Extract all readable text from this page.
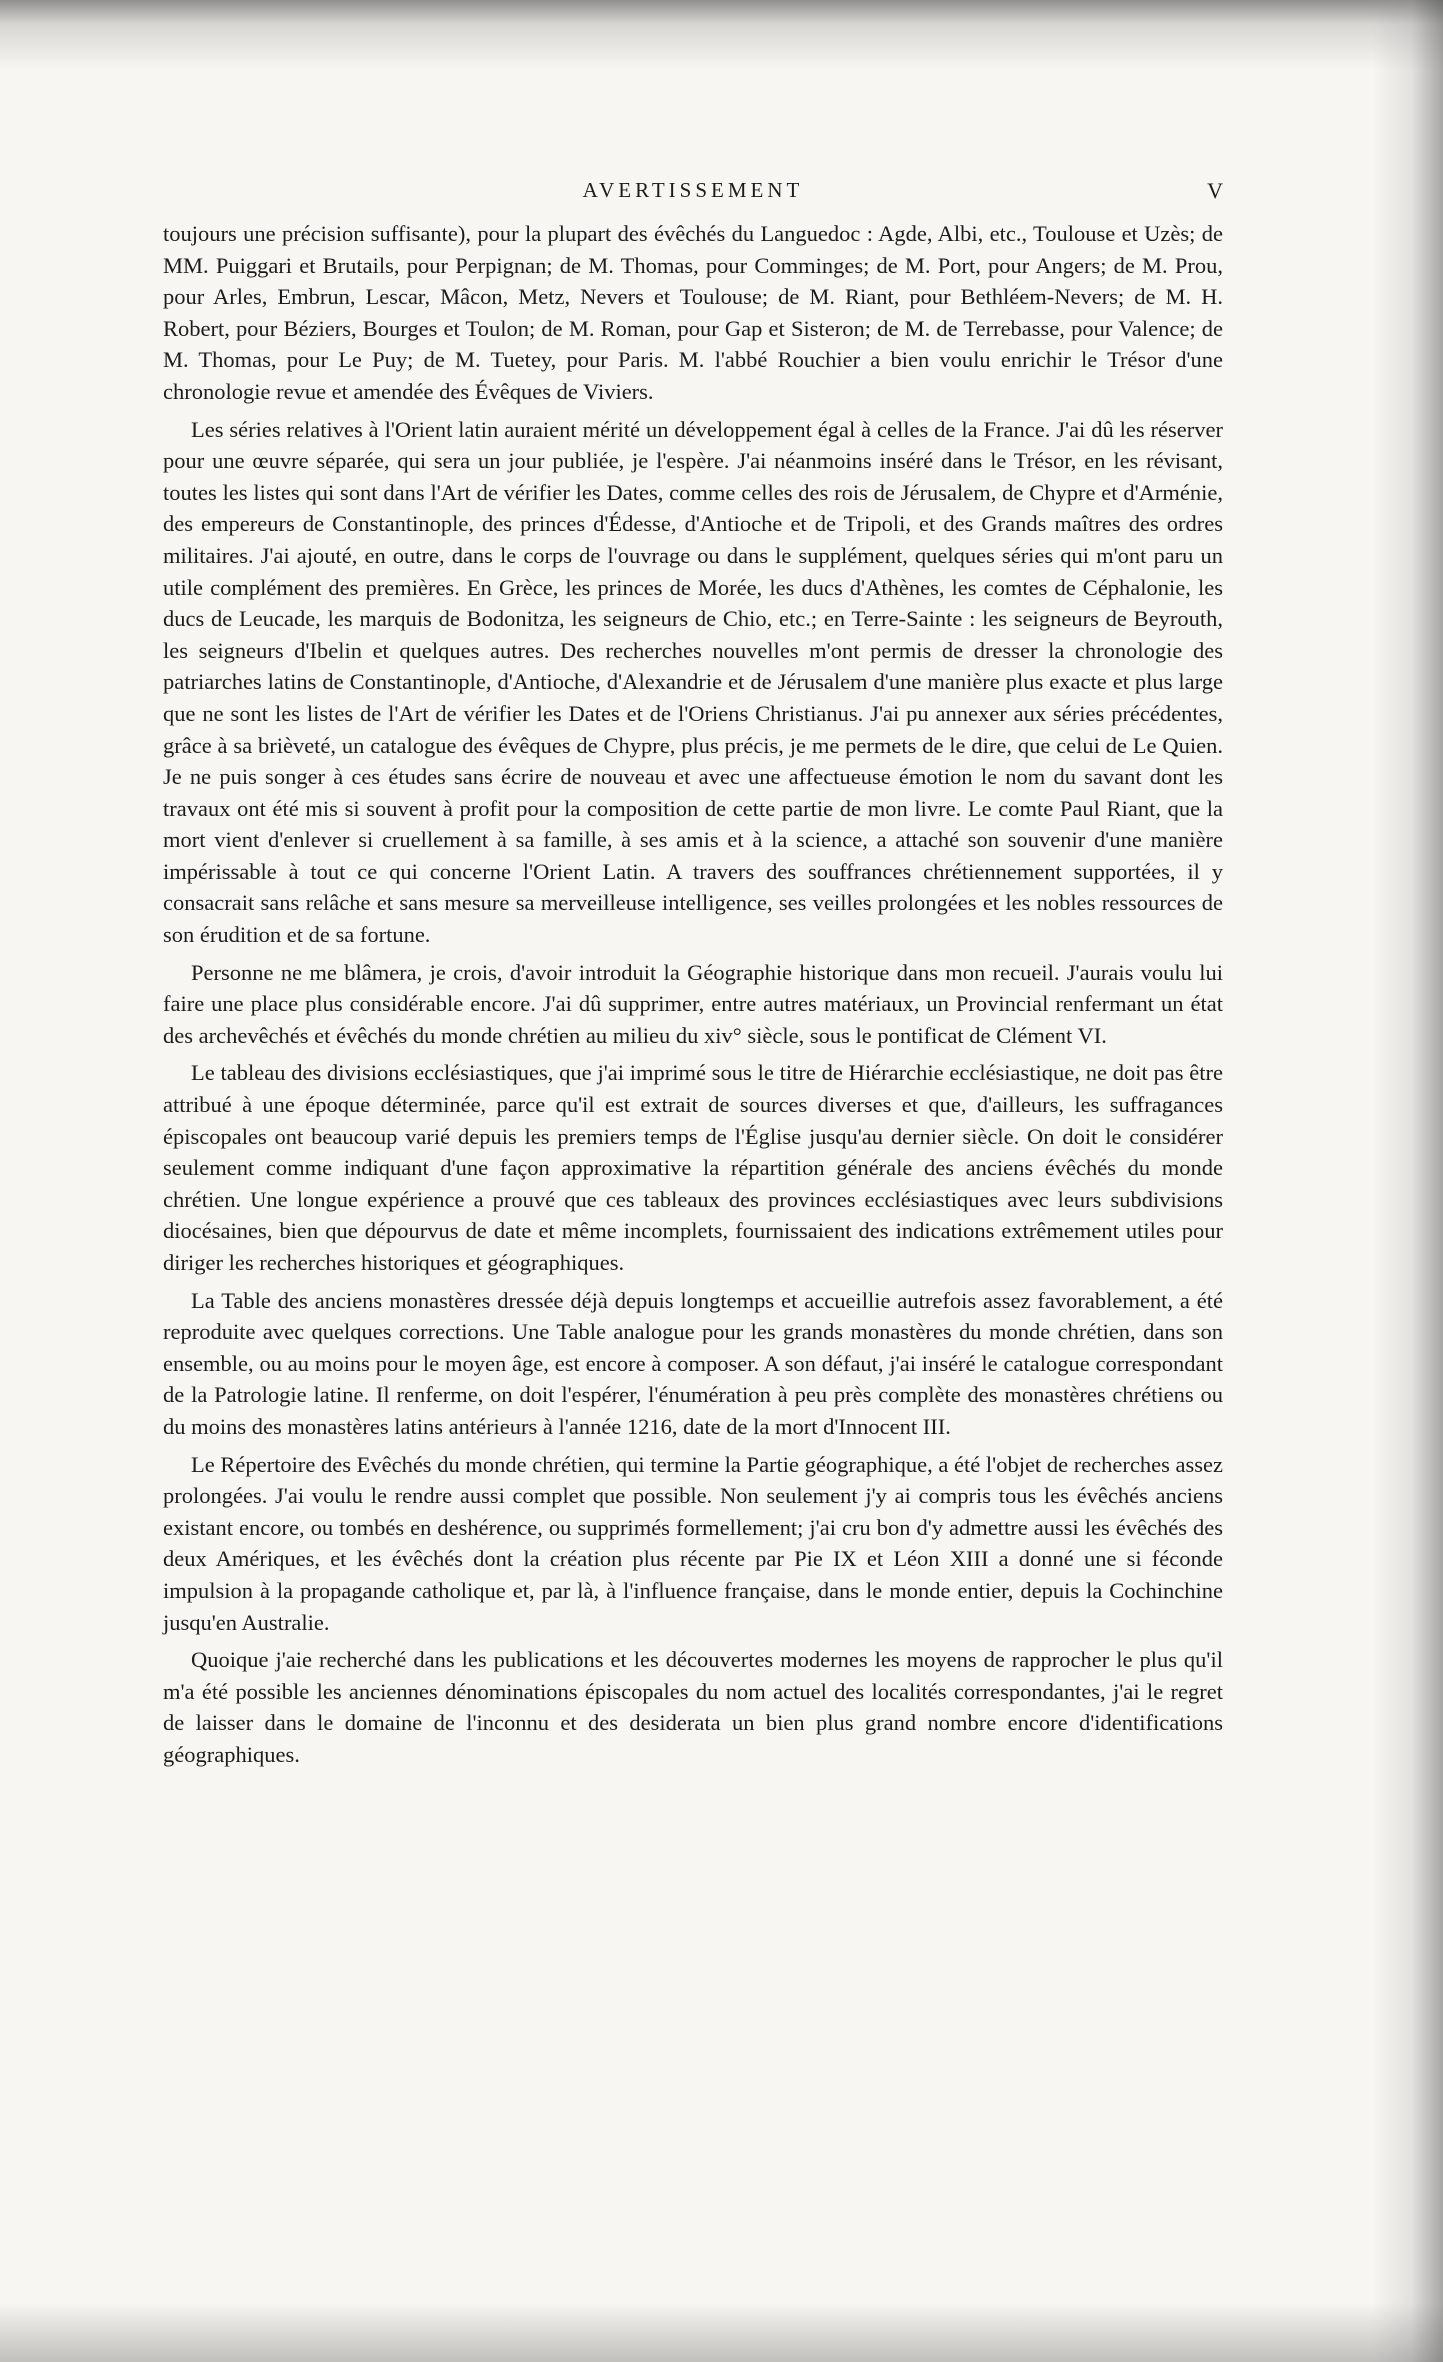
AVERTISSEMENT	V

toujours une précision suffisante), pour la plupart des évêchés du Languedoc : Agde, Albi, etc., Toulouse et Uzès; de MM. Puiggari et Brutails, pour Perpignan; de M. Thomas, pour Comminges; de M. Port, pour Angers; de M. Prou, pour Arles, Embrun, Lescar, Mâcon, Metz, Nevers et Toulouse; de M. Riant, pour Bethléem-Nevers; de M. H. Robert, pour Béziers, Bourges et Toulon; de M. Roman, pour Gap et Sisteron; de M. de Terrebasse, pour Valence; de M. Thomas, pour Le Puy; de M. Tuetey, pour Paris. M. l'abbé Rouchier a bien voulu enrichir le Trésor d'une chronologie revue et amendée des Évêques de Viviers.

Les séries relatives à l'Orient latin auraient mérité un développement égal à celles de la France. J'ai dû les réserver pour une œuvre séparée, qui sera un jour publiée, je l'espère. J'ai néanmoins inséré dans le Trésor, en les révisant, toutes les listes qui sont dans l'Art de vérifier les Dates, comme celles des rois de Jérusalem, de Chypre et d'Arménie, des empereurs de Constantinople, des princes d'Édesse, d'Antioche et de Tripoli, et des Grands maîtres des ordres militaires. J'ai ajouté, en outre, dans le corps de l'ouvrage ou dans le supplément, quelques séries qui m'ont paru un utile complément des premières. En Grèce, les princes de Morée, les ducs d'Athènes, les comtes de Céphalonie, les ducs de Leucade, les marquis de Bodonitza, les seigneurs de Chio, etc.; en Terre-Sainte : les seigneurs de Beyrouth, les seigneurs d'Ibelin et quelques autres. Des recherches nouvelles m'ont permis de dresser la chronologie des patriarches latins de Constantinople, d'Antioche, d'Alexandrie et de Jérusalem d'une manière plus exacte et plus large que ne sont les listes de l'Art de vérifier les Dates et de l'Oriens Christianus. J'ai pu annexer aux séries précédentes, grâce à sa brièveté, un catalogue des évêques de Chypre, plus précis, je me permets de le dire, que celui de Le Quien. Je ne puis songer à ces études sans écrire de nouveau et avec une affectueuse émotion le nom du savant dont les travaux ont été mis si souvent à profit pour la composition de cette partie de mon livre. Le comte Paul Riant, que la mort vient d'enlever si cruellement à sa famille, à ses amis et à la science, a attaché son souvenir d'une manière impérissable à tout ce qui concerne l'Orient Latin. A travers des souffrances chrétiennement supportées, il y consacrait sans relâche et sans mesure sa merveilleuse intelligence, ses veilles prolongées et les nobles ressources de son érudition et de sa fortune.

Personne ne me blâmera, je crois, d'avoir introduit la Géographie historique dans mon recueil. J'aurais voulu lui faire une place plus considérable encore. J'ai dû supprimer, entre autres matériaux, un Provincial renfermant un état des archevêchés et évêchés du monde chrétien au milieu du xiv° siècle, sous le pontificat de Clément VI.

Le tableau des divisions ecclésiastiques, que j'ai imprimé sous le titre de Hiérarchie ecclésiastique, ne doit pas être attribué à une époque déterminée, parce qu'il est extrait de sources diverses et que, d'ailleurs, les suffragances épiscopales ont beaucoup varié depuis les premiers temps de l'Église jusqu'au dernier siècle. On doit le considérer seulement comme indiquant d'une façon approximative la répartition générale des anciens évêchés du monde chrétien. Une longue expérience a prouvé que ces tableaux des provinces ecclésiastiques avec leurs subdivisions diocésaines, bien que dépourvus de date et même incomplets, fournissaient des indications extrêmement utiles pour diriger les recherches historiques et géographiques.

La Table des anciens monastères dressée déjà depuis longtemps et accueillie autrefois assez favorablement, a été reproduite avec quelques corrections. Une Table analogue pour les grands monastères du monde chrétien, dans son ensemble, ou au moins pour le moyen âge, est encore à composer. A son défaut, j'ai inséré le catalogue correspondant de la Patrologie latine. Il renferme, on doit l'espérer, l'énumération à peu près complète des monastères chrétiens ou du moins des monastères latins antérieurs à l'année 1216, date de la mort d'Innocent III.

Le Répertoire des Evêchés du monde chrétien, qui termine la Partie géographique, a été l'objet de recherches assez prolongées. J'ai voulu le rendre aussi complet que possible. Non seulement j'y ai compris tous les évêchés anciens existant encore, ou tombés en deshérence, ou supprimés formellement; j'ai cru bon d'y admettre aussi les évêchés des deux Amériques, et les évêchés dont la création plus récente par Pie IX et Léon XIII a donné une si féconde impulsion à la propagande catholique et, par là, à l'influence française, dans le monde entier, depuis la Cochinchine jusqu'en Australie.

Quoique j'aie recherché dans les publications et les découvertes modernes les moyens de rapprocher le plus qu'il m'a été possible les anciennes dénominations épiscopales du nom actuel des localités correspondantes, j'ai le regret de laisser dans le domaine de l'inconnu et des desiderata un bien plus grand nombre encore d'identifications géographiques.
